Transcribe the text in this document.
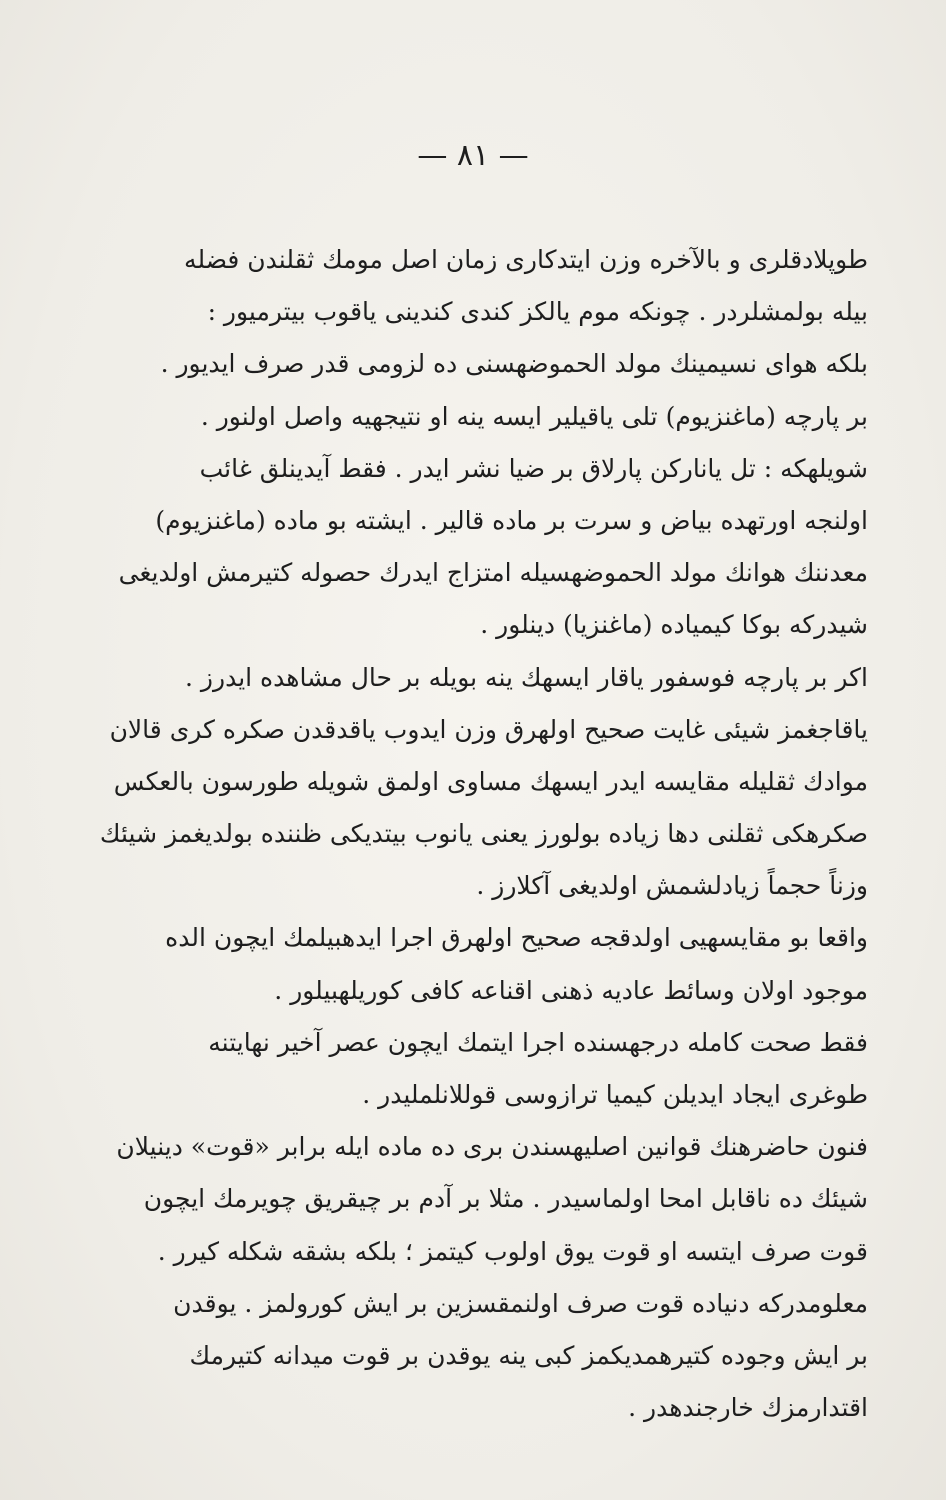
— ٨١ —
طوپلادقلری و بالآخره وزن ایتدکاری زمان اصل مومك ثقلندن فضله
بیله بولمشلردر . چونکه موم یالکز کندی کندینی یاقوب بیترمیور :
بلکه هوای نسیمینك مولد الحموضهسنی ده لزومی قدر صرف ایدیور .
بر پارچه (ماغنزیوم) تلی یاقیلیر ایسه ینه او نتیجهیه واصل اولنور .
شویلهکه : تل یانارکن پارلاق بر ضیا نشر ایدر . فقط آیدینلق غائب
اولنجه اورتهده بیاض و سرت بر ماده قالیر . ایشته بو ماده (ماغنزیوم)
معدننك هوانك مولد الحموضهسیله امتزاج ایدرك حصوله کتیرمش اولدیغی
شیدرکه بوکا کیمیاده (ماغنزیا) دینلور .
اکر بر پارچه فوسفور یاقار ایسهك ینه بویله بر حال مشاهده ایدرز .
یاقاجغمز شیئی غایت صحیح اولهرق وزن ایدوب یاقدقدن صکره کری قالان
موادك ثقلیله مقایسه ایدر ایسهك مساوی اولمق شویله طورسون بالعکس
صکرهکی ثقلنی دها زیاده بولورز یعنی یانوب بیتدیکی ظننده بولدیغمز شیئك
وزناً حجماً زیادلشمش اولدیغی آکلارز .
واقعا بو مقایسهیی اولدقجه صحیح اولهرق اجرا ایدهبیلمك ایچون الده
موجود اولان وسائط عادیه ذهنی اقناعه کافی کوریلهبیلور .
فقط صحت کامله درجهسنده اجرا ایتمك ایچون عصر آخیر نهایتنه
طوغری ایجاد ایدیلن کیمیا ترازوسی قوللانلملیدر .
فنون حاضرهنك قوانین اصلیهسندن بری ده ماده ایله برابر «قوت» دینیلان
شیئك ده ناقابل امحا اولماسیدر . مثلا بر آدم بر چیقریق چویرمك ایچون
قوت صرف ایتسه او قوت یوق اولوب کیتمز ؛ بلکه بشقه شکله کیرر .
معلومدرکه دنیاده قوت صرف اولنمقسزین بر ایش کورولمز . یوقدن
بر ایش وجوده کتیرهمدیکمز کبی ینه یوقدن بر قوت میدانه کتیرمك
اقتدارمزك خارجندهدر .
